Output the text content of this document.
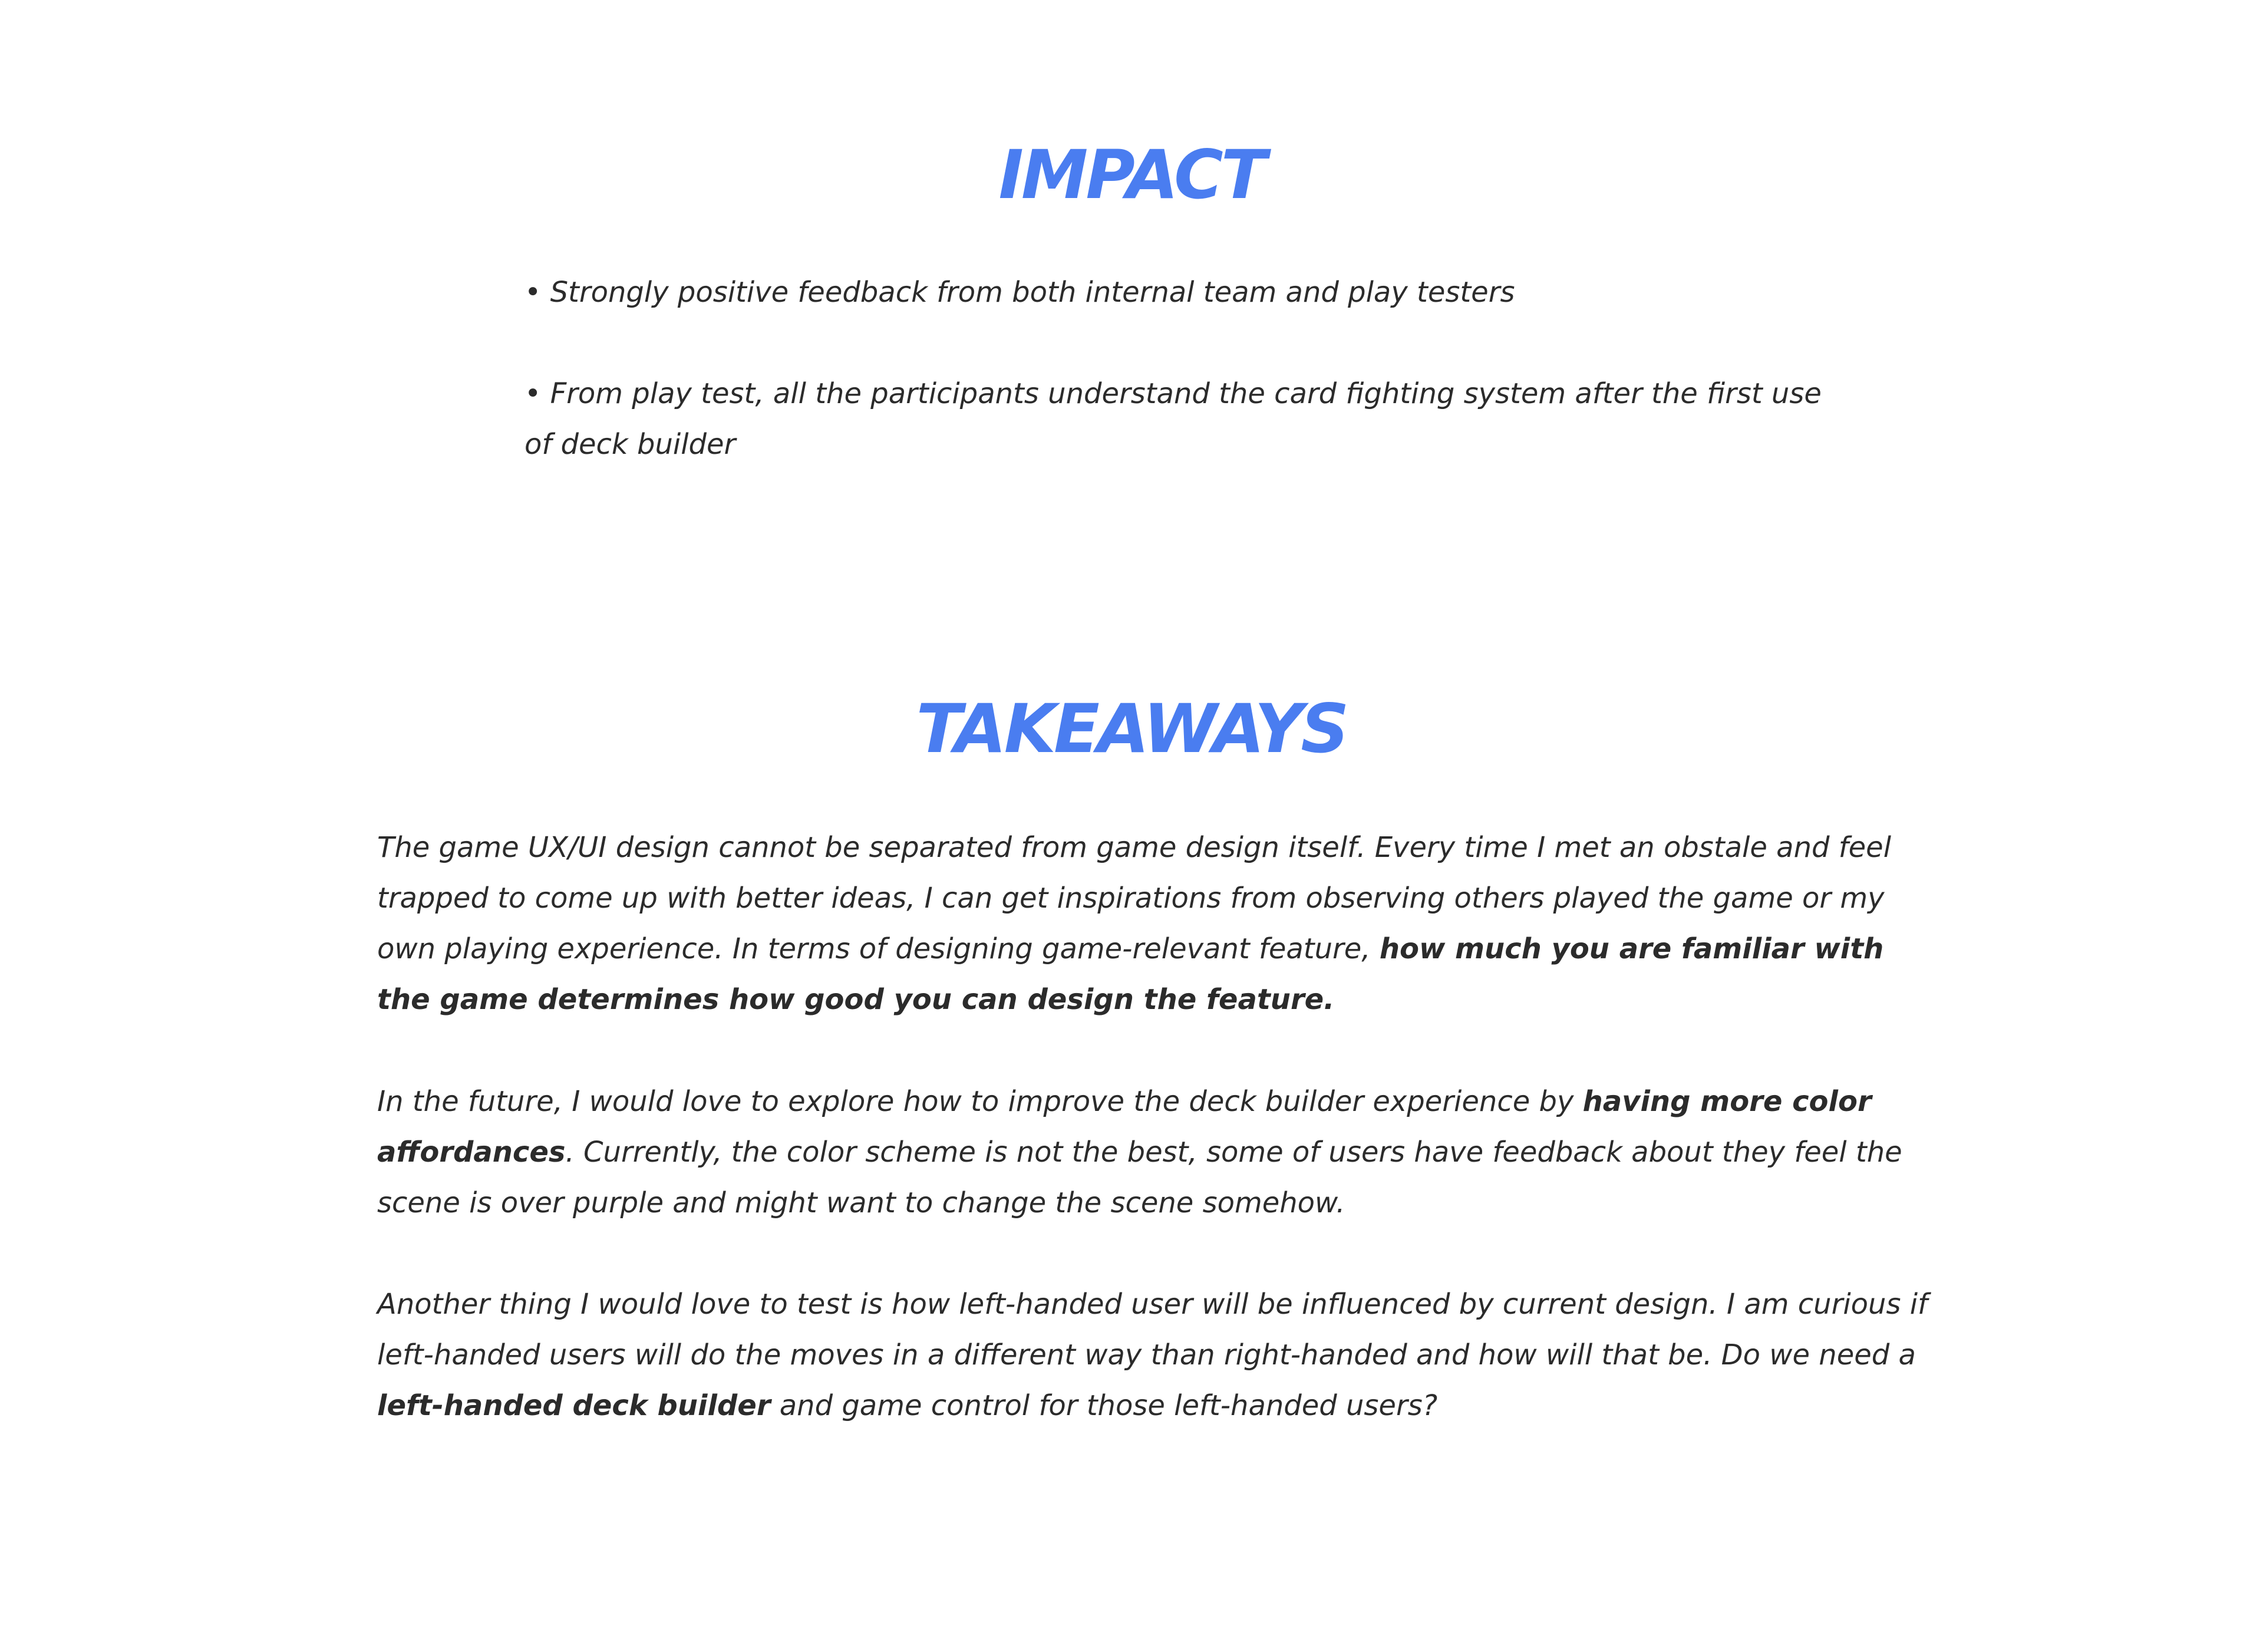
IMPACT

• Strongly positive feedback from both internal team and play testers

• From play test, all the participants understand the card fighting system after the first use of deck builder

TAKEAWAYS

The game UX/UI design cannot be separated from game design itself. Every time I met an obstale and feel trapped to come up with better ideas, I can get inspirations from observing others played the game or my own playing experience. In terms of designing game-relevant feature, how much you are familiar with the game determines how good you can design the feature.

In the future, I would love to explore how to improve the deck builder experience by having more color affordances. Currently, the color scheme is not the best, some of users have feedback about they feel the scene is over purple and might want to change the scene somehow.

Another thing I would love to test is how left-handed user will be influenced by current design. I am curious if left-handed users will do the moves in a different way than right-handed and how will that be. Do we need a left-handed deck builder and game control for those left-handed users?
